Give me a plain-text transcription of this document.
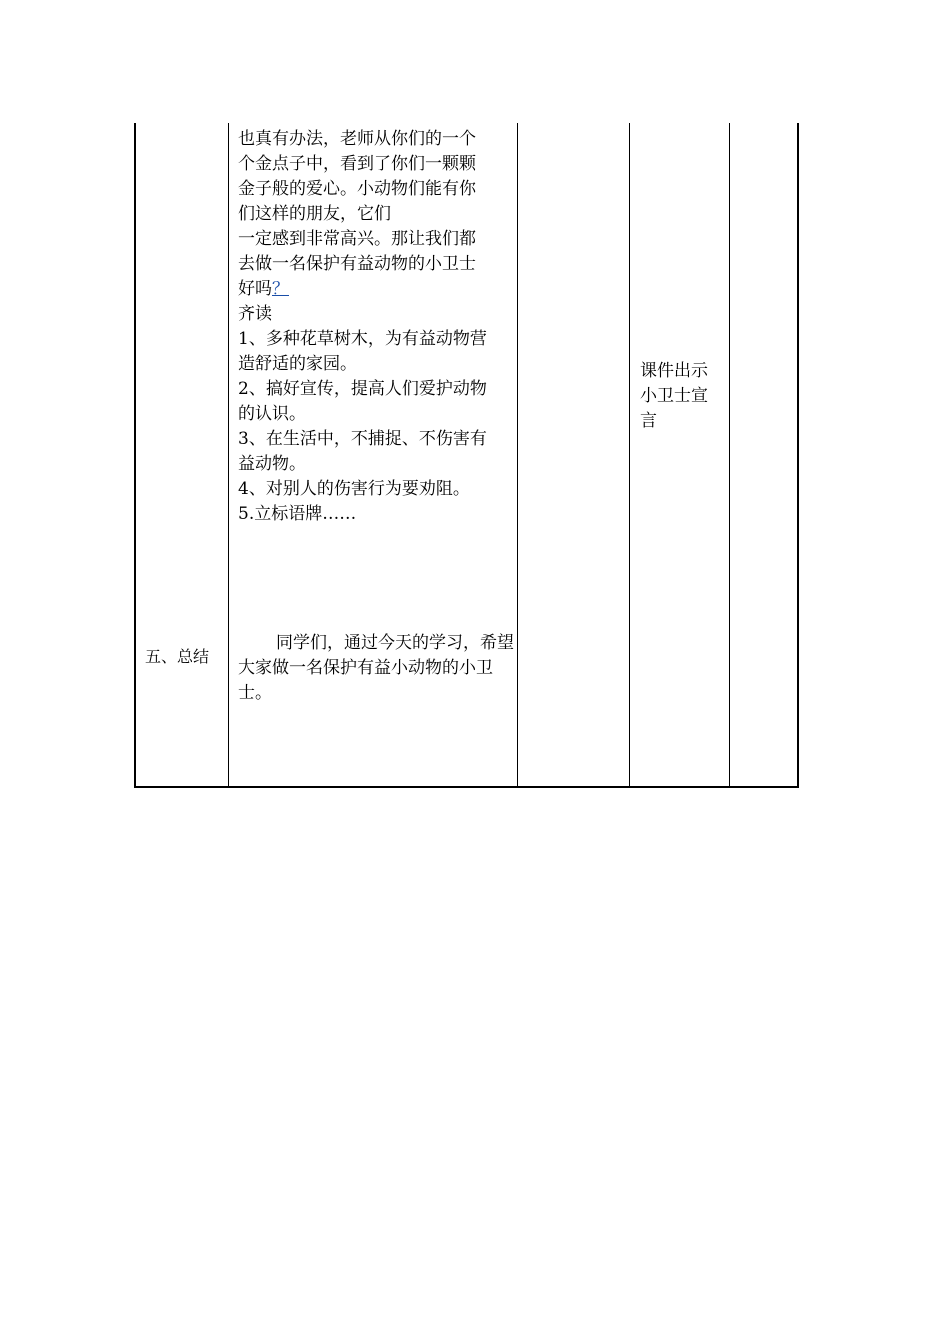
也真有办法，老师从你们的一个

个金点子中，看到了你们一颗颗

金子般的爱心。小动物们能有你

们这样的朋友，它们

一定感到非常高兴。那让我们都

去做一名保护有益动物的小卫士

好吗？

齐读

1、多种花草树木，为有益动物营

造舒适的家园。

2、搞好宣传，提高人们爱护动物

的认识。

3、在生活中，不捕捉、不伤害有

益动物。

4、对别人的伤害行为要劝阻。

5.立标语牌……

课件出示

小卫士宣

言

五、总结

同学们，通过今天的学习，希望

大家做一名保护有益小动物的小卫

士。
